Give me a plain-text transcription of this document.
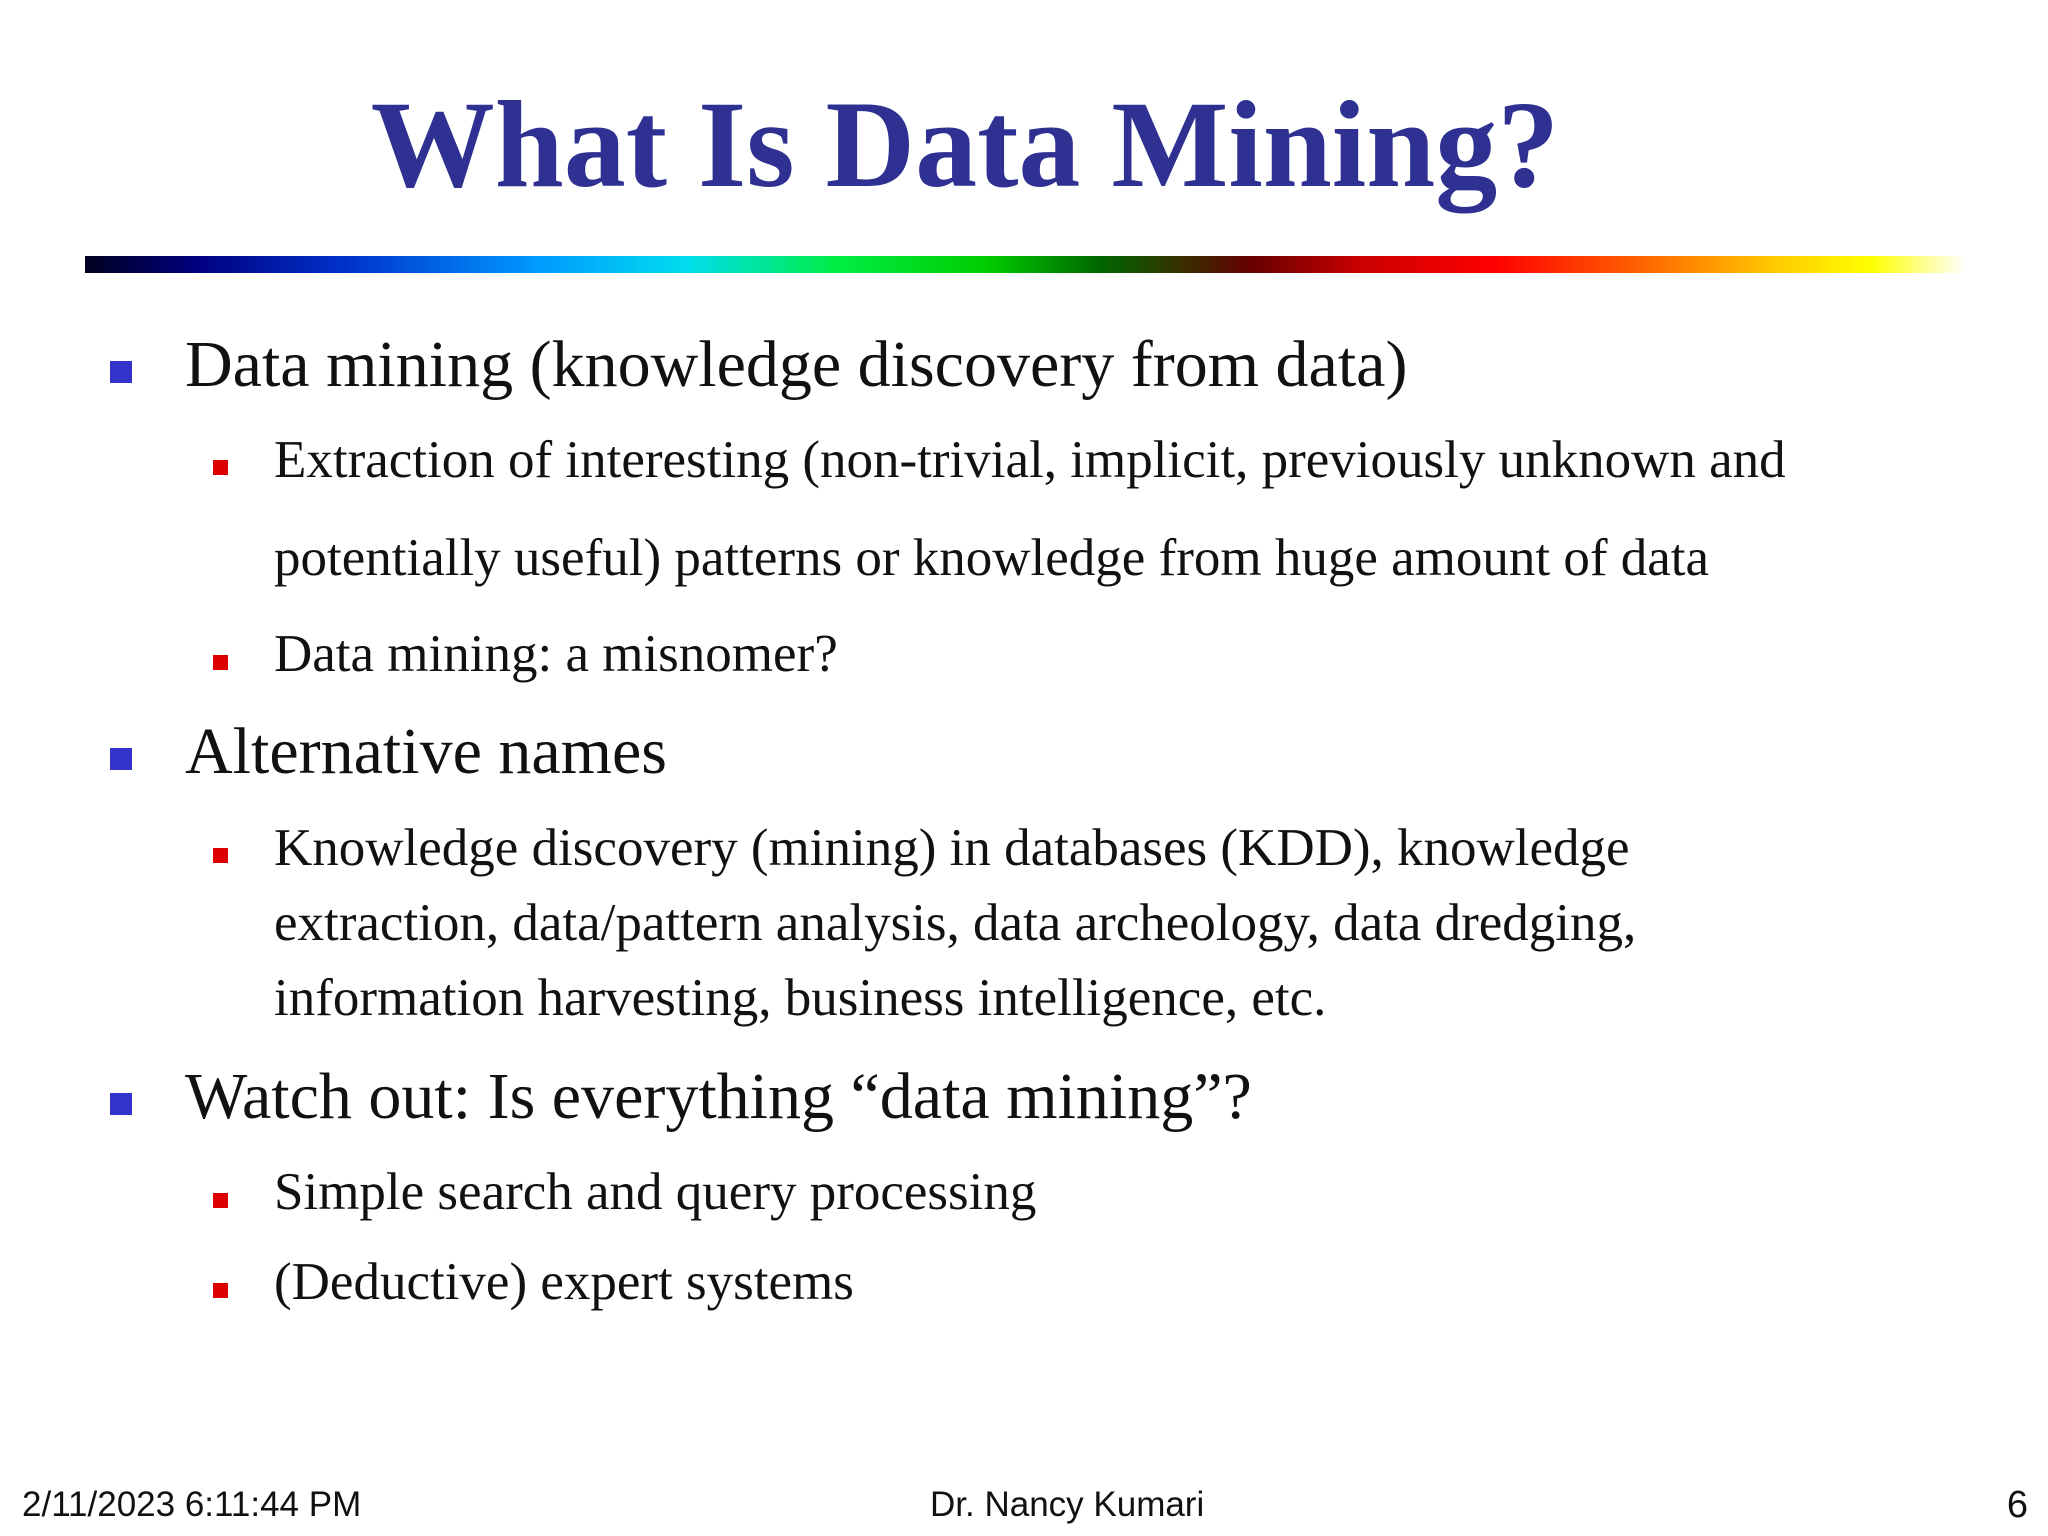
What Is Data Mining?
Data mining (knowledge discovery from data)
Extraction of interesting (non-trivial, implicit, previously unknown and
potentially useful) patterns or knowledge from huge amount of data
Data mining: a misnomer?
Alternative names
Knowledge discovery (mining) in databases (KDD), knowledge
extraction, data/pattern analysis, data archeology, data dredging,
information harvesting, business intelligence, etc.
Watch out: Is everything “data mining”?
Simple search and query processing
(Deductive) expert systems
2/11/2023 6:11:44 PM	Dr. Nancy Kumari	6
